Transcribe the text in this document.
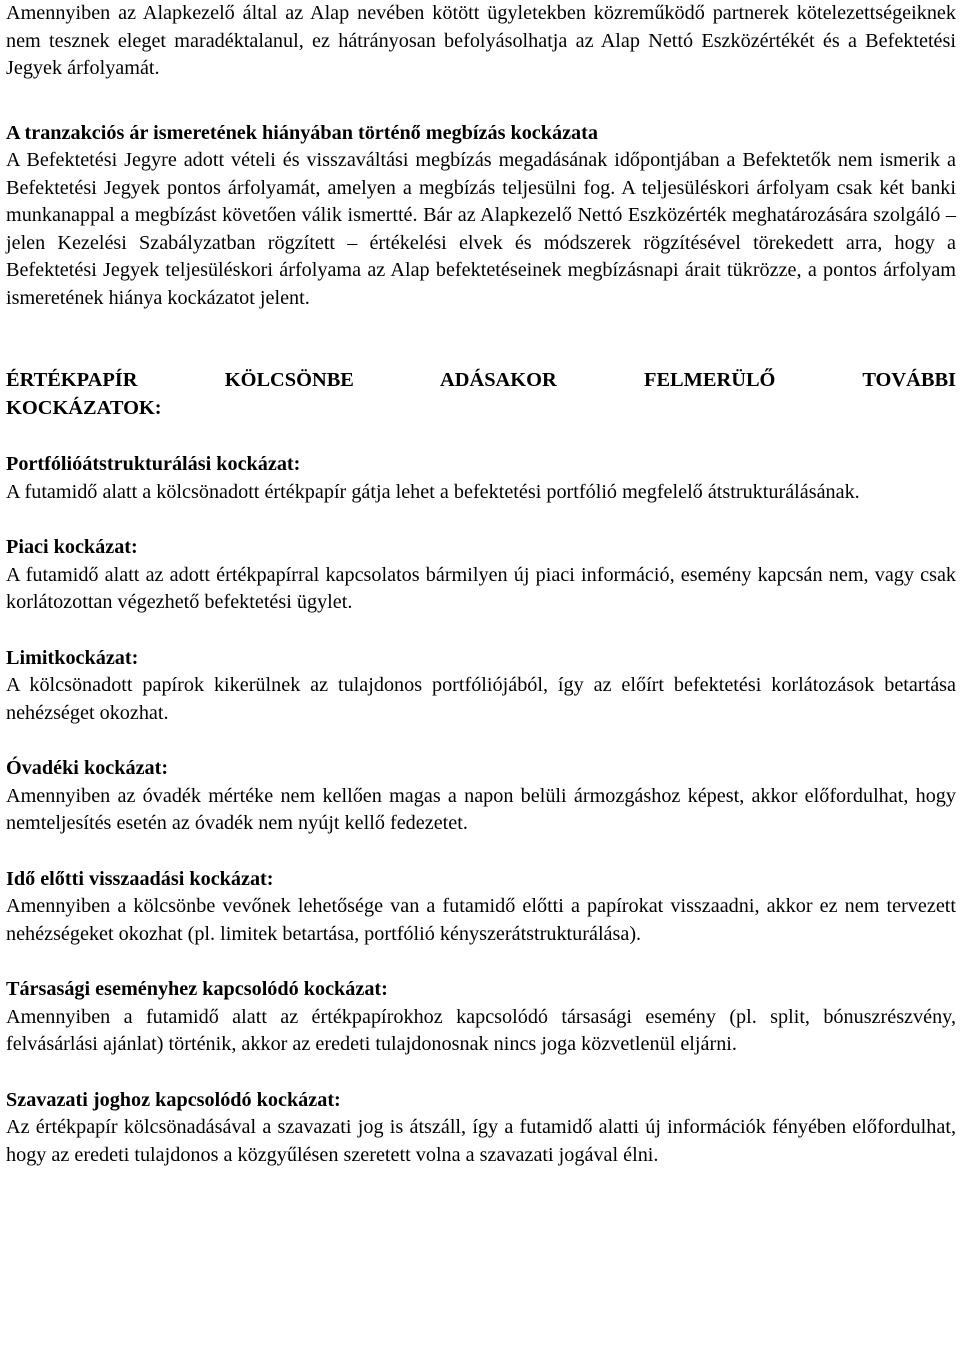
Amennyiben az Alapkezelő által az Alap nevében kötött ügyletekben közreműködő partnerek kötelezettségeiknek nem tesznek eleget maradéktalanul, ez hátrányosan befolyásolhatja az Alap Nettó Eszközértékét és a Befektetési Jegyek árfolyamát.

A tranzakciós ár ismeretének hiányában történő megbízás kockázata

A Befektetési Jegyre adott vételi és visszaváltási megbízás megadásának időpontjában a Befektetők nem ismerik a Befektetési Jegyek pontos árfolyamát, amelyen a megbízás teljesülni fog. A teljesüléskori árfolyam csak két banki munkanappal a megbízást követően válik ismertté. Bár az Alapkezelő Nettó Eszközérték meghatározására szolgáló – jelen Kezelési Szabályzatban rögzített – értékelési elvek és módszerek rögzítésével törekedett arra, hogy a Befektetési Jegyek teljesüléskori árfolyama az Alap befektetéseinek megbízásnapi árait tükrözze, a pontos árfolyam ismeretének hiánya kockázatot jelent.

ÉRTÉKPAPÍR KÖLCSÖNBE ADÁSAKOR FELMERÜLŐ TOVÁBBI
KOCKÁZATOK:
Portfólióátstrukturálási kockázat:

A futamidő alatt a kölcsönadott értékpapír gátja lehet a befektetési portfólió megfelelő átstrukturálásának.

Piaci kockázat:

A futamidő alatt az adott értékpapírral kapcsolatos bármilyen új piaci információ, esemény kapcsán nem, vagy csak korlátozottan végezhető befektetési ügylet.

Limitkockázat:

A kölcsönadott papírok kikerülnek az tulajdonos portfóliójából, így az előírt befektetési korlátozások betartása nehézséget okozhat.

Óvadéki kockázat:

Amennyiben az óvadék mértéke nem kellően magas a napon belüli ármozgáshoz képest, akkor előfordulhat, hogy nemteljesítés esetén az óvadék nem nyújt kellő fedezetet.

Idő előtti visszaadási kockázat:

Amennyiben a kölcsönbe vevőnek lehetősége van a futamidő előtti a papírokat visszaadni, akkor ez nem tervezett nehézségeket okozhat (pl. limitek betartása, portfólió kényszerátstrukturálása).

Társasági eseményhez kapcsolódó kockázat:

Amennyiben a futamidő alatt az értékpapírokhoz kapcsolódó társasági esemény (pl. split, bónuszrészvény, felvásárlási ajánlat) történik, akkor az eredeti tulajdonosnak nincs joga közvetlenül eljárni.

Szavazati joghoz kapcsolódó kockázat:

Az értékpapír kölcsönadásával a szavazati jog is átszáll, így a futamidő alatti új információk fényében előfordulhat, hogy az eredeti tulajdonos a közgyűlésen szeretett volna a szavazati jogával élni.
